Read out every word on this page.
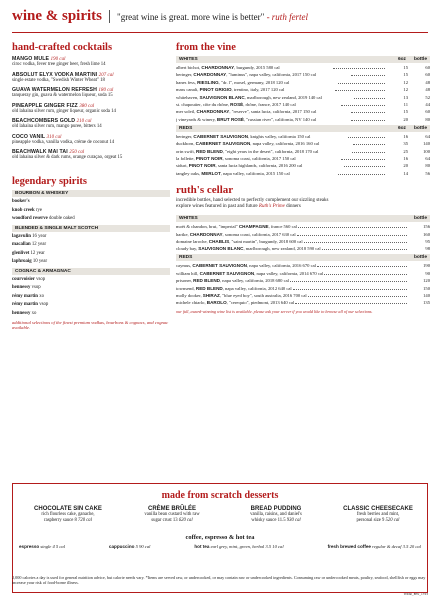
wine & spirits | "great wine is great. more wine is better" - ruth fertel
hand-crafted cocktails
MANGO MULE 190 cal
ciroc vodka, fever tree ginger beer, fresh lime 14
ABSOLUT ELYX VODKA MARTINI 207 cal
single estate vodka, "Swedish Winter Wheat" 18
GUAVA WATERMELON REFRESH 180 cal
tanqueray gin, guava & watermelon liqueur, soda 15
PINEAPPLE GINGER FIZZ 380 cal
old lahaina silver rum, ginger liqueur, organic soda 14
BEACHCOMBERS GOLD 210 cal
old lahaina silver rum, mango puree, bitters 14
COCO VANIL 310 cal
pineapple vodka, vanilla vodka, crème de coconut 14
BEACHWALK MAI TAI 250 cal
old lahaina silver & dark rums, orange curaçao, orgeat 15
legendary spirits
BOURBON & WHISKEY
booker's
knob creek rye
woodford reserve double oaked
BLENDED & SINGLE MALT SCOTCH
lagavulin 16 year
macallan 12 year
glenlivet 12 year
laphroaig 10 year
COGNAC & ARMAGNAC
courvoisier vsop
hennessy vsop
rémy martin xo
rémy martin vsop
hennessy xo
additional selections of the finest premium vodkas, bourbons & cognacs, and cognac available.
from the vine
WHITES	6oz bottle
albert bichot, CHARDONNAY, burgundy, 2015 580 cal	15	60
beringer, CHARDONNAY, "luminus", napa valley, california, 2017 150 cal	15	60
hanes fess, RIESLING, "dr. l", mosel, germany, 2018 120 cal	12	48
mass canali, PINOT GRIGIO, trentino, italy, 2017 120 cal	12	48
whitehaven, SAUVIGNON BLANC, marlborough, new zealand, 2019 140 cal	13	52
st. chapoutier, côte du rhône, ROSÉ, rhône, france, 2017 140 cal	11	44
mer soleil, CHARDONNAY, "reserve", santa lucia, california, 2017 150 cal	15	60
j vineyards & winery, BRUT ROSÉ, "russian river", california, NV 140 cal	20	80
REDS	6oz bottle
beringer, CABERNET SAUVIGNON, knights valley, california 150 cal	16	64
duckhorn, CABERNET SAUVIGNON, napa valley, california, 2016 160 cal	35	140
orin swift, RED BLEND, "eight years in the desert", california, 2018 170 cal	25	100
la follette, PINOT NOIR, sonoma coast, california, 2017 150 cal	16	64
siduri, PINOT NOIR, santa lucia highlands, california, 2016 200 cal	20	80
tangley oaks, MERLOT, napa valley, california, 2015 150 cal	14	56
ruth's cellar
incredible bottles, hand selected to perfectly complement our sizzling steaks
explore wines featured in past and future Ruth's Prime dinners
WHITES	bottle
moët & chandon, brut, "imperial" CHAMPAGNE, france 560 cal	156
hartke, CHARDONNAY, sonoma coast, california, 2017 630 cal	160
domaine laroche, CHABLIS, "saint martin", burgundy, 2018 600 cal	95
cloudy bay, SAUVIGNON BLANC, marlborough, new zealand, 2018 590 cal	98
REDS	bottle
caymus, CABERNET SAUVIGNON, napa valley, california, 2016 670 cal	190
william hill, CABERNET SAUVIGNON, napa valley, california, 2014 670 cal	90
prisoner, RED BLEND, napa valley, california, 2018 680 cal	120
townsend, RED BLEND, napa valley, california, 2012 640 cal	150
molly dooker, SHIRAZ, "blue eyed boy", south australia, 2016 700 cal	140
michele chiarlo, BAROLO, "cerequio", piedmont, 2013 640 cal	135
our full, award-winning wine list is available. please ask your server if you would like to browse all of our selections.
made from scratch desserts
CHOCOLATE SIN CAKE
rich flourless cake, ganache,
raspberry sauce 8 720 cal
CRÈME BRÛLÉE
vanilla bean custard with raw
sugar crust 13 620 cal
BREAD PUDDING
vanilla, raisins, and daniel's
whisky sauce 11.5 930 cal
CLASSIC CHEESECAKE
fresh berries and mint,
personal size 9 520 cal
coffee, espresso & hot tea
espresso single 4 5 cal	cappuccino 5 90 cal	hot tea earl grey, mint, green, herbal 3.5 10 cal	fresh brewed coffee regular & decaf 3.5 20 cal
2,000 calories a day is used for general nutrition advice, but calorie needs vary. *Items are served raw, or undercooked, or may contain raw or undercooked ingredients. Consuming raw or undercooked meats, poultry, seafood, shellfish or eggs may increase your risk of food-borne illness.
WDR_BW_1723
